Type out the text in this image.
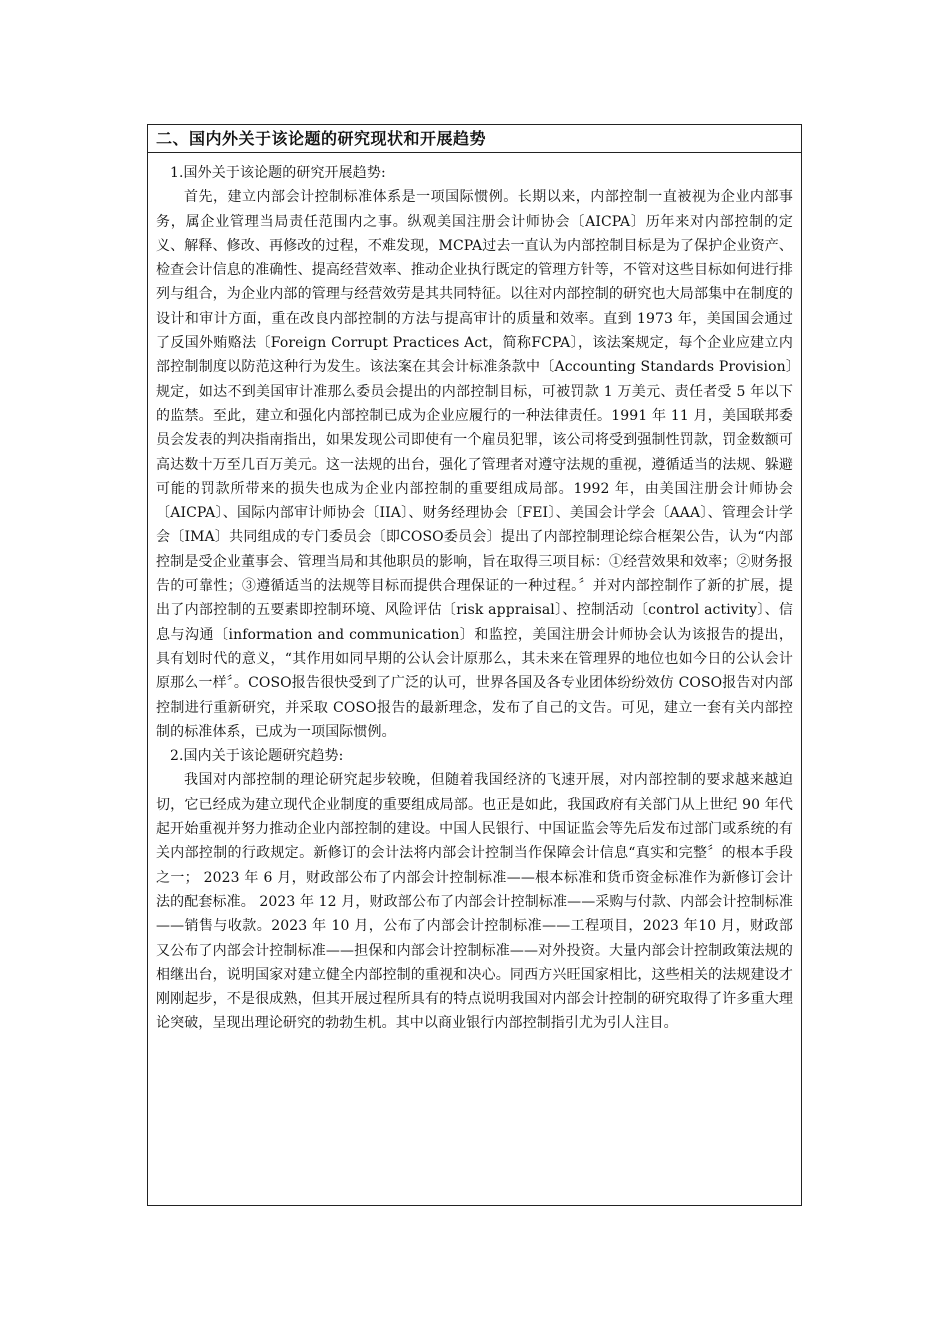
二、国内外关于该论题的研究现状和开展趋势

1.国外关于该论题的研究开展趋势:

首先，建立内部会计控制标准体系是一项国际惯例。长期以来，内部控制一直被视为企业内部事务，属企业管理当局责任范围内之事。纵观美国注册会计师协会〔AICPA〕历年来对内部控制的定义、解释、修改、再修改的过程，不难发现，MCPA过去一直认为内部控制目标是为了保护企业资产、检查会计信息的准确性、提高经营效率、推动企业执行既定的管理方针等，不管对这些目标如何进行排列与组合，为企业内部的管理与经营效劳是其共同特征。以往对内部控制的研究也大局部集中在制度的设计和审计方面，重在改良内部控制的方法与提高审计的质量和效率。直到 1973 年，美国国会通过了反国外贿赂法〔Foreign Corrupt Practices Act，简称FCPA〕，该法案规定，每个企业应建立内部控制制度以防范这种行为发生。该法案在其会计标准条款中〔Accounting Standards Provision〕规定，如达不到美国审计准那么委员会提出的内部控制目标，可被罚款 1 万美元、责任者受 5 年以下的监禁。至此，建立和强化内部控制已成为企业应履行的一种法律责任。1991 年 11 月，美国联邦委员会发表的判决指南指出，如果发现公司即使有一个雇员犯罪，该公司将受到强制性罚款，罚金数额可高达数十万至几百万美元。这一法规的出台，强化了管理者对遵守法规的重视，遵循适当的法规、躲避可能的罚款所带来的损失也成为企业内部控制的重要组成局部。1992 年，由美国注册会计师协会〔AICPA〕、国际内部审计师协会〔IIA〕、财务经理协会〔FEI〕、美国会计学会〔AAA〕、管理会计学会〔IMA〕共同组成的专门委员会〔即COSO委员会〕提出了内部控制理论综合框架公告，认为“内部控制是受企业董事会、管理当局和其他职员的影响，旨在取得三项目标：①经营效果和效率；②财务报告的可靠性；③遵循适当的法规等目标而提供合理保证的一种过程。〞并对内部控制作了新的扩展，提出了内部控制的五要素即控制环境、风险评估〔risk appraisal〕、控制活动〔control activity〕、信息与沟通〔information and communication〕和监控，美国注册会计师协会认为该报告的提出，具有划时代的意义，“其作用如同早期的公认会计原那么，其未来在管理界的地位也如今日的公认会计原那么一样〞。COSO报告很快受到了广泛的认可，世界各国及各专业团体纷纷效仿 COSO报告对内部控制进行重新研究，并采取 COSO报告的最新理念，发布了自己的文告。可见，建立一套有关内部控制的标准体系，已成为一项国际惯例。

2.国内关于该论题研究趋势:

我国对内部控制的理论研究起步较晚，但随着我国经济的飞速开展，对内部控制的要求越来越迫切，它已经成为建立现代企业制度的重要组成局部。也正是如此，我国政府有关部门从上世纪 90 年代起开始重视并努力推动企业内部控制的建设。中国人民银行、中国证监会等先后发布过部门或系统的有关内部控制的行政规定。新修订的会计法将内部会计控制当作保障会计信息“真实和完整〞的根本手段之一； 2023 年 6 月，财政部公布了内部会计控制标准——根本标准和货币资金标准作为新修订会计法的配套标准。 2023 年 12 月，财政部公布了内部会计控制标准——采购与付款、内部会计控制标准——销售与收款。2023 年 10 月，公布了内部会计控制标准——工程项目，2023 年10 月，财政部又公布了内部会计控制标准——担保和内部会计控制标准——对外投资。大量内部会计控制政策法规的相继出台，说明国家对建立健全内部控制的重视和决心。同西方兴旺国家相比，这些相关的法规建设才刚刚起步，不是很成熟，但其开展过程所具有的特点说明我国对内部会计控制的研究取得了许多重大理论突破，呈现出理论研究的勃勃生机。其中以商业银行内部控制指引尤为引人注目。
